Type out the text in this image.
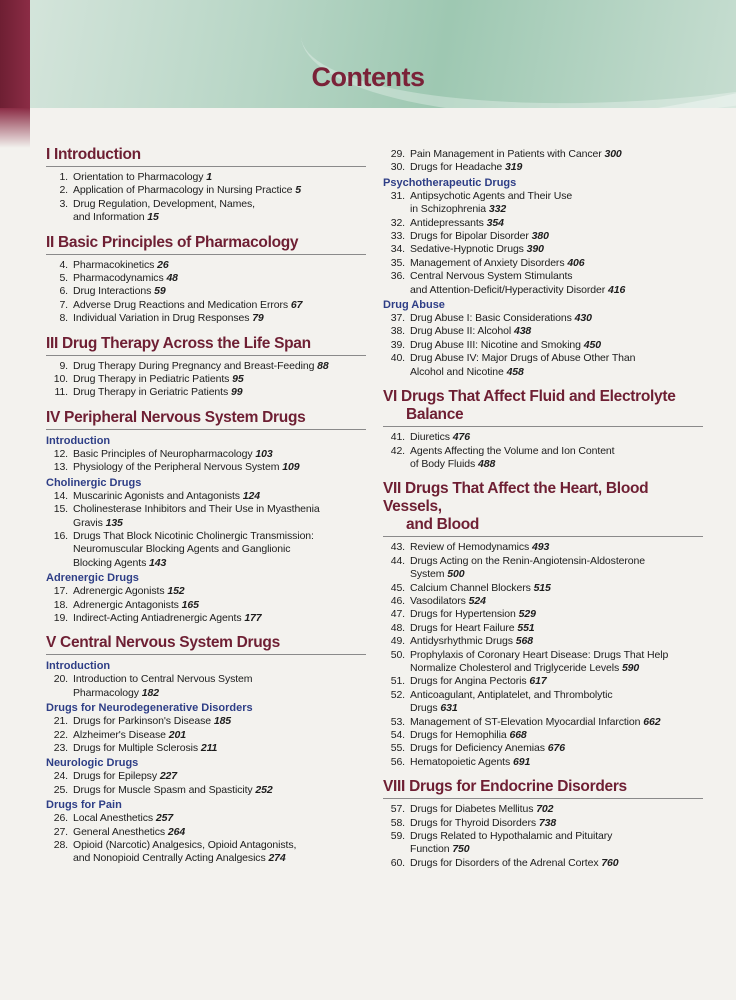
Contents
I Introduction
1. Orientation to Pharmacology 1
2. Application of Pharmacology in Nursing Practice 5
3. Drug Regulation, Development, Names,
and Information 15
II Basic Principles of Pharmacology
4. Pharmacokinetics 26
5. Pharmacodynamics 48
6. Drug Interactions 59
7. Adverse Drug Reactions and Medication Errors 67
8. Individual Variation in Drug Responses 79
III Drug Therapy Across the Life Span
9. Drug Therapy During Pregnancy and Breast-Feeding 88
10. Drug Therapy in Pediatric Patients 95
11. Drug Therapy in Geriatric Patients 99
IV Peripheral Nervous System Drugs
Introduction
12. Basic Principles of Neuropharmacology 103
13. Physiology of the Peripheral Nervous System 109
Cholinergic Drugs
14. Muscarinic Agonists and Antagonists 124
15. Cholinesterase Inhibitors and Their Use in Myasthenia
Gravis 135
16. Drugs That Block Nicotinic Cholinergic Transmission:
Neuromuscular Blocking Agents and Ganglionic
Blocking Agents 143
Adrenergic Drugs
17. Adrenergic Agonists 152
18. Adrenergic Antagonists 165
19. Indirect-Acting Antiadrenergic Agents 177
V Central Nervous System Drugs
Introduction
20. Introduction to Central Nervous System
Pharmacology 182
Drugs for Neurodegenerative Disorders
21. Drugs for Parkinson's Disease 185
22. Alzheimer's Disease 201
23. Drugs for Multiple Sclerosis 211
Neurologic Drugs
24. Drugs for Epilepsy 227
25. Drugs for Muscle Spasm and Spasticity 252
Drugs for Pain
26. Local Anesthetics 257
27. General Anesthetics 264
28. Opioid (Narcotic) Analgesics, Opioid Antagonists,
and Nonopioid Centrally Acting Analgesics 274
29. Pain Management in Patients with Cancer 300
30. Drugs for Headache 319
Psychotherapeutic Drugs
31. Antipsychotic Agents and Their Use
in Schizophrenia 332
32. Antidepressants 354
33. Drugs for Bipolar Disorder 380
34. Sedative-Hypnotic Drugs 390
35. Management of Anxiety Disorders 406
36. Central Nervous System Stimulants
and Attention-Deficit/Hyperactivity Disorder 416
Drug Abuse
37. Drug Abuse I: Basic Considerations 430
38. Drug Abuse II: Alcohol 438
39. Drug Abuse III: Nicotine and Smoking 450
40. Drug Abuse IV: Major Drugs of Abuse Other Than
Alcohol and Nicotine 458
VI Drugs That Affect Fluid and Electrolyte
Balance
41. Diuretics 476
42. Agents Affecting the Volume and Ion Content
of Body Fluids 488
VII Drugs That Affect the Heart, Blood Vessels,
and Blood
43. Review of Hemodynamics 493
44. Drugs Acting on the Renin-Angiotensin-Aldosterone
System 500
45. Calcium Channel Blockers 515
46. Vasodilators 524
47. Drugs for Hypertension 529
48. Drugs for Heart Failure 551
49. Antidysrhythmic Drugs 568
50. Prophylaxis of Coronary Heart Disease: Drugs That Help
Normalize Cholesterol and Triglyceride Levels 590
51. Drugs for Angina Pectoris 617
52. Anticoagulant, Antiplatelet, and Thrombolytic
Drugs 631
53. Management of ST-Elevation Myocardial Infarction 662
54. Drugs for Hemophilia 668
55. Drugs for Deficiency Anemias 676
56. Hematopoietic Agents 691
VIII Drugs for Endocrine Disorders
57. Drugs for Diabetes Mellitus 702
58. Drugs for Thyroid Disorders 738
59. Drugs Related to Hypothalamic and Pituitary
Function 750
60. Drugs for Disorders of the Adrenal Cortex 760
